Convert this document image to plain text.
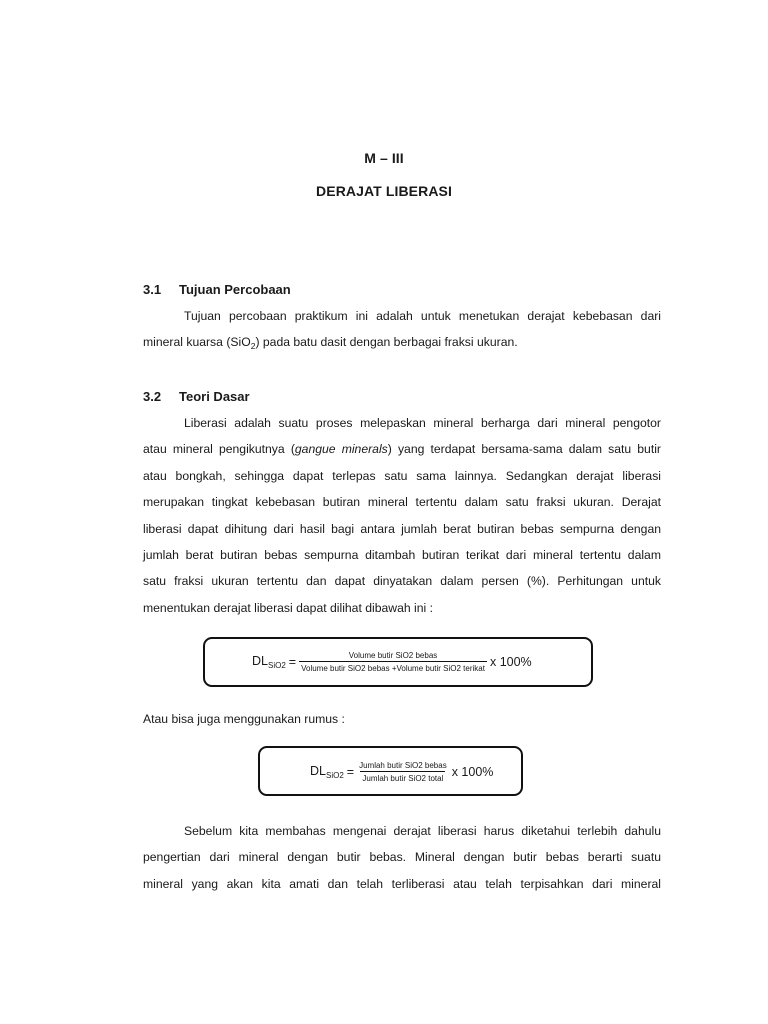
M – III
DERAJAT LIBERASI
3.1 Tujuan Percobaan
Tujuan percobaan praktikum ini adalah untuk menetukan derajat kebebasan dari
mineral kuarsa (SiO$_2$) pada batu dasit dengan berbagai fraksi ukuran.
3.2 Teori Dasar
Liberasi adalah suatu proses melepaskan mineral berharga dari mineral pengotor
atau mineral pengikutnya (gangue minerals) yang terdapat bersama-sama dalam satu butir
atau bongkah, sehingga dapat terlepas satu sama lainnya. Sedangkan derajat liberasi
merupakan tingkat kebebasan butiran mineral tertentu dalam satu fraksi ukuran. Derajat
liberasi dapat dihitung dari hasil bagi antara jumlah berat butiran bebas sempurna dengan
jumlah berat butiran bebas sempurna ditambah butiran terikat dari mineral tertentu dalam
satu fraksi ukuran tertentu dan dapat dinyatakan dalam persen (%). Perhitungan untuk
menentukan derajat liberasi dapat dilihat dibawah ini :
$DL_{SiO2} = \frac{\text{Volume butir SiO2 bebas}}{\text{Volume butir SiO2 bebas +Volume butir SiO2 terikat}}$ x 100%
Atau bisa juga menggunakan rumus :
$DL_{SiO2} = \frac{\text{Jumlah butir SiO2 bebas}}{\text{Jumlah butir SiO2 total}}$ x 100%
Sebelum kita membahas mengenai derajat liberasi harus diketahui terlebih dahulu
pengertian dari mineral dengan butir bebas. Mineral dengan butir bebas berarti suatu
mineral yang akan kita amati dan telah terliberasi atau telah terpisahkan dari mineral
